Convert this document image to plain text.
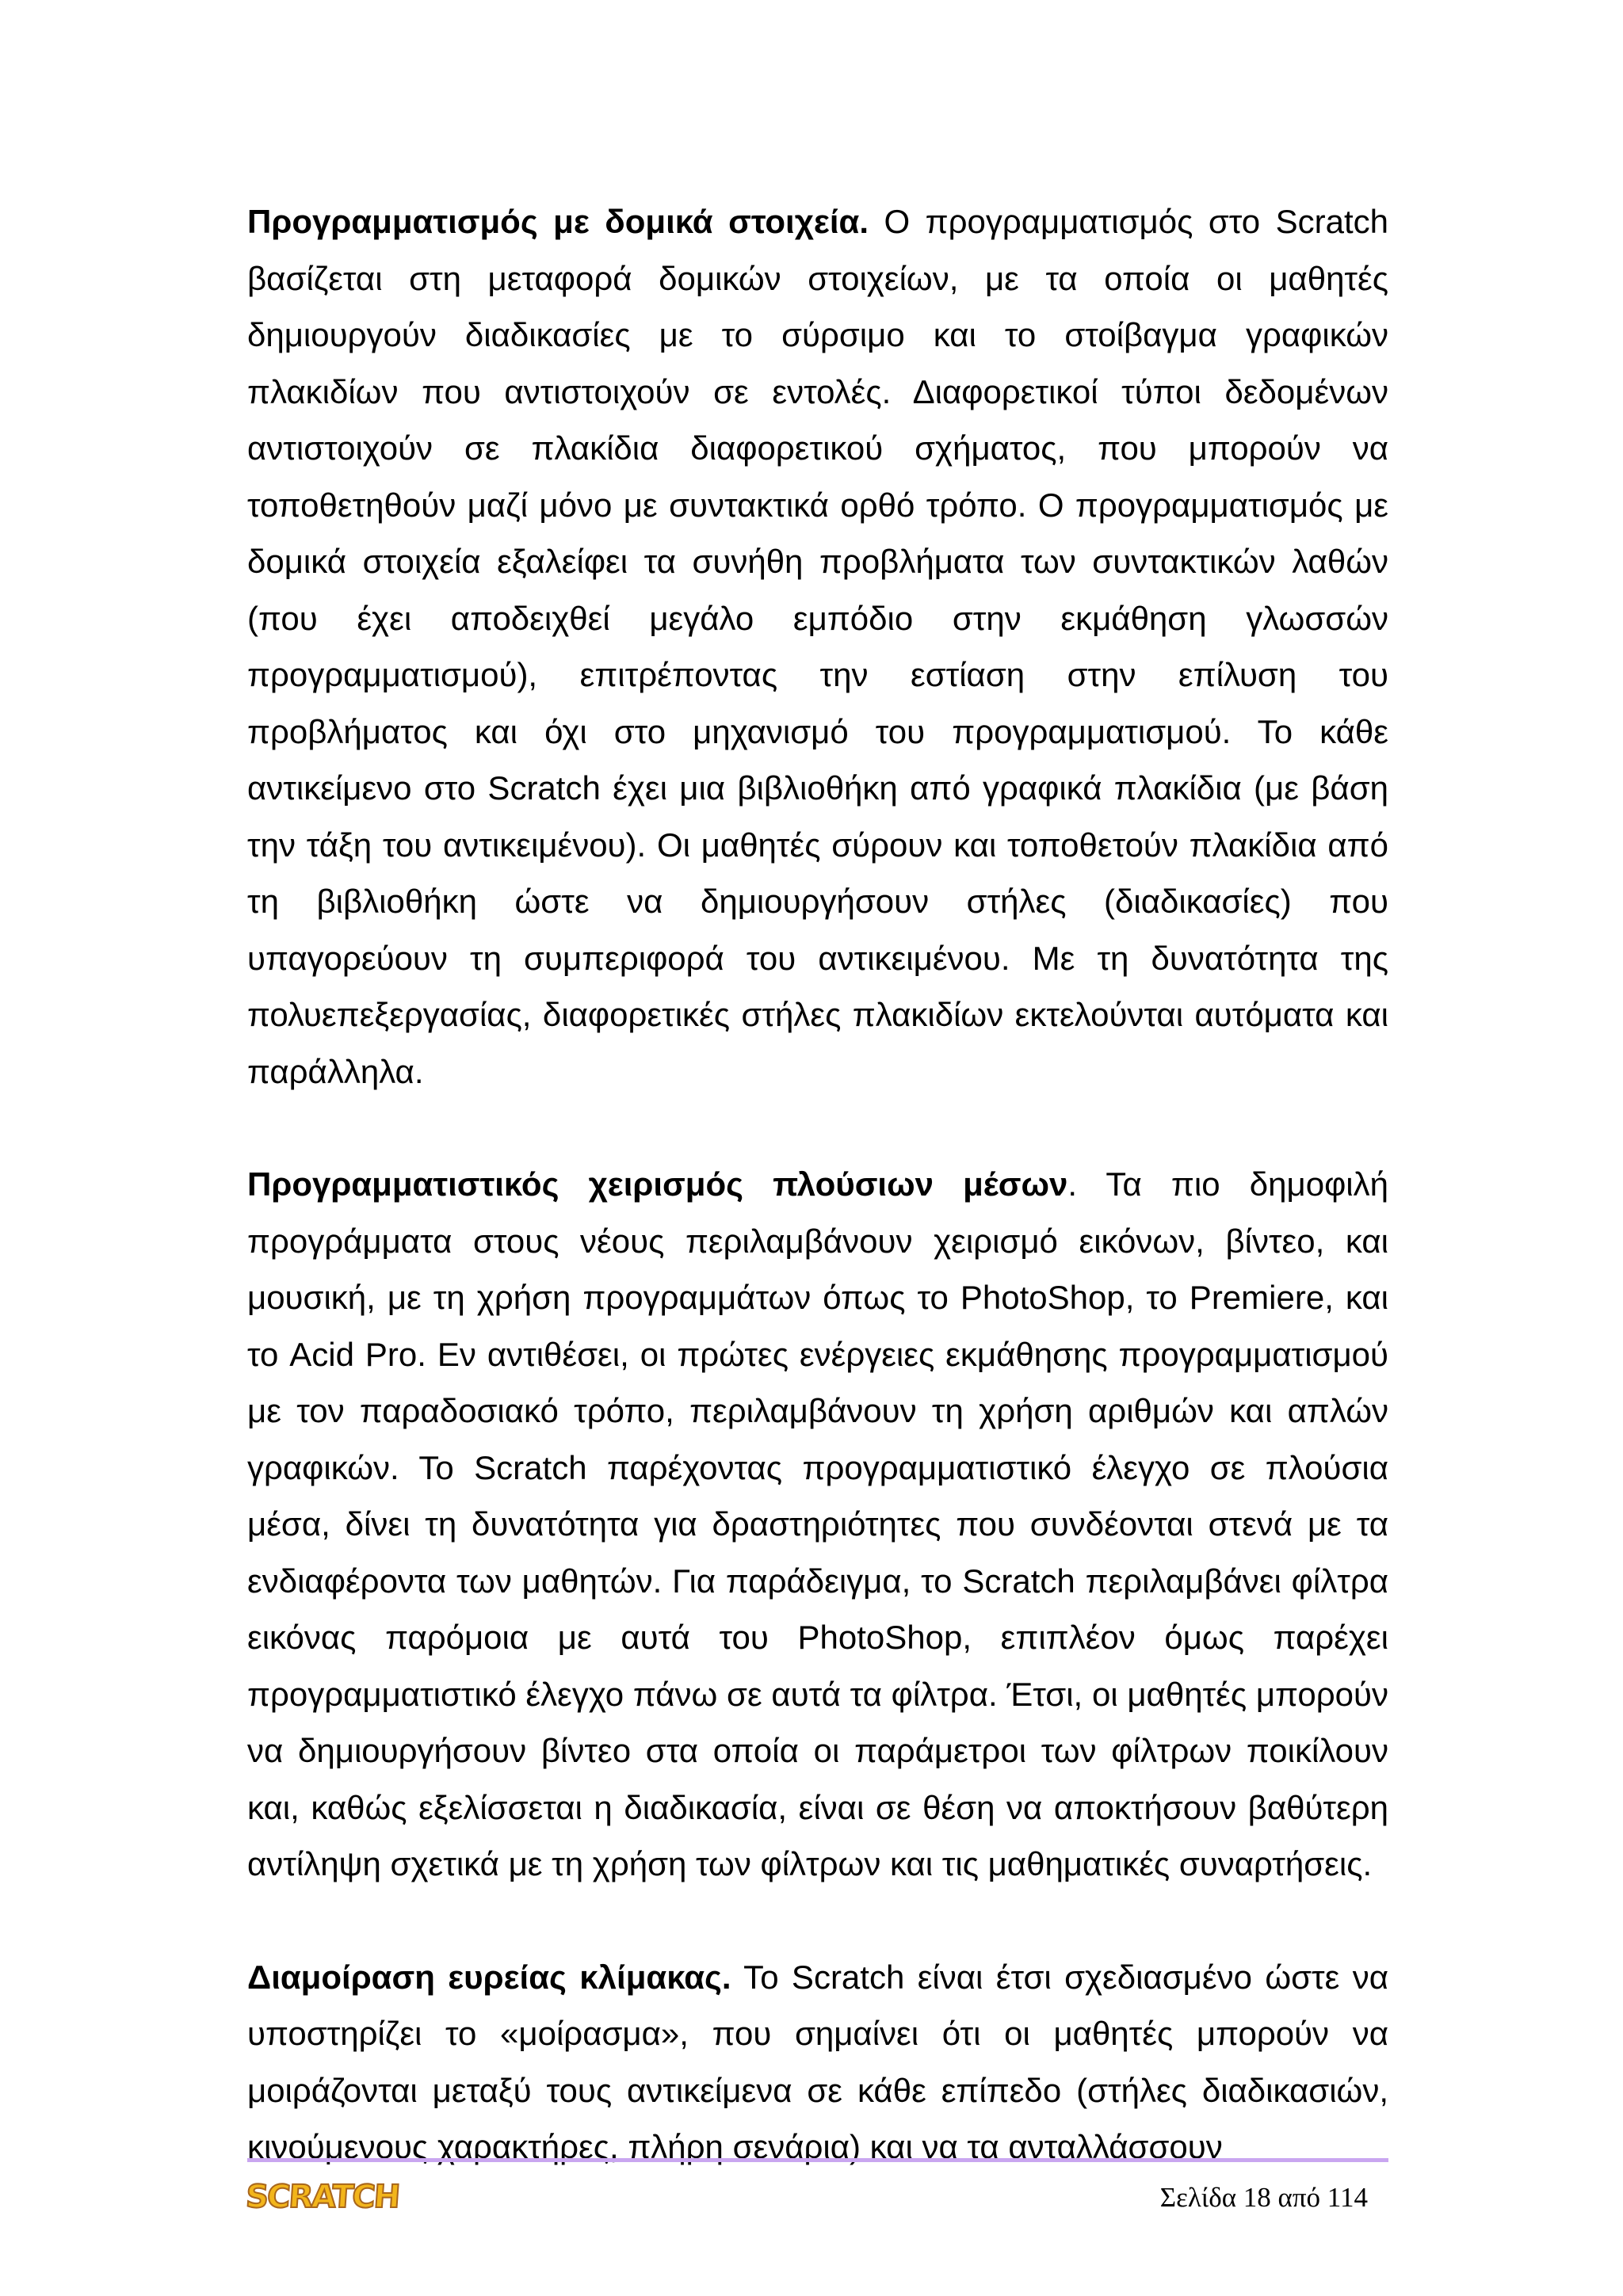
Προγραμματισμός με δομικά στοιχεία. Ο προγραμματισμός στο Scratch βασίζεται στη μεταφορά δομικών στοιχείων, με τα οποία οι μαθητές δημιουργούν διαδικασίες με το σύρσιμο και το στοίβαγμα γραφικών πλακιδίων που αντιστοιχούν σε εντολές. Διαφορετικοί τύποι δεδομένων αντιστοιχούν σε πλακίδια διαφορετικού σχήματος, που μπορούν να τοποθετηθούν μαζί μόνο με συντακτικά ορθό τρόπο. Ο προγραμματισμός με δομικά στοιχεία εξαλείφει τα συνήθη προβλήματα των συντακτικών λαθών (που έχει αποδειχθεί μεγάλο εμπόδιο στην εκμάθηση γλωσσών προγραμματισμού), επιτρέποντας την εστίαση στην επίλυση του προβλήματος και όχι στο μηχανισμό του προγραμματισμού. Το κάθε αντικείμενο στο Scratch έχει μια βιβλιοθήκη από γραφικά πλακίδια (με βάση την τάξη του αντικειμένου). Οι μαθητές σύρουν και τοποθετούν πλακίδια από τη βιβλιοθήκη ώστε να δημιουργήσουν στήλες (διαδικασίες) που υπαγορεύουν τη συμπεριφορά του αντικειμένου. Με τη δυνατότητα της πολυεπεξεργασίας, διαφορετικές στήλες πλακιδίων εκτελούνται αυτόματα και παράλληλα.

Προγραμματιστικός χειρισμός πλούσιων μέσων. Τα πιο δημοφιλή προγράμματα στους νέους περιλαμβάνουν χειρισμό εικόνων, βίντεο, και μουσική, με τη χρήση προγραμμάτων όπως το PhotoShop, το Premiere, και το Acid Pro. Εν αντιθέσει, οι πρώτες ενέργειες εκμάθησης προγραμματισμού με τον παραδοσιακό τρόπο, περιλαμβάνουν τη χρήση αριθμών και απλών γραφικών. Το Scratch παρέχοντας προγραμματιστικό έλεγχο σε πλούσια μέσα, δίνει τη δυνατότητα για δραστηριότητες που συνδέονται στενά με τα ενδιαφέροντα των μαθητών. Για παράδειγμα, το Scratch περιλαμβάνει φίλτρα εικόνας παρόμοια με αυτά του PhotoShop, επιπλέον όμως παρέχει προγραμματιστικό έλεγχο πάνω σε αυτά τα φίλτρα. Έτσι, οι μαθητές μπορούν να δημιουργήσουν βίντεο στα οποία οι παράμετροι των φίλτρων ποικίλουν και, καθώς εξελίσσεται η διαδικασία, είναι σε θέση να αποκτήσουν βαθύτερη αντίληψη σχετικά με τη χρήση των φίλτρων και τις μαθηματικές συναρτήσεις.

Διαμοίραση ευρείας κλίμακας. Το Scratch είναι έτσι σχεδιασμένο ώστε να υποστηρίζει το «μοίρασμα», που σημαίνει ότι οι μαθητές μπορούν να μοιράζονται μεταξύ τους αντικείμενα σε κάθε επίπεδο (στήλες διαδικασιών, κινούμενους χαρακτήρες, πλήρη σενάρια) και να τα ανταλλάσσουν

SCRATCH	Σελίδα 18 από 114
